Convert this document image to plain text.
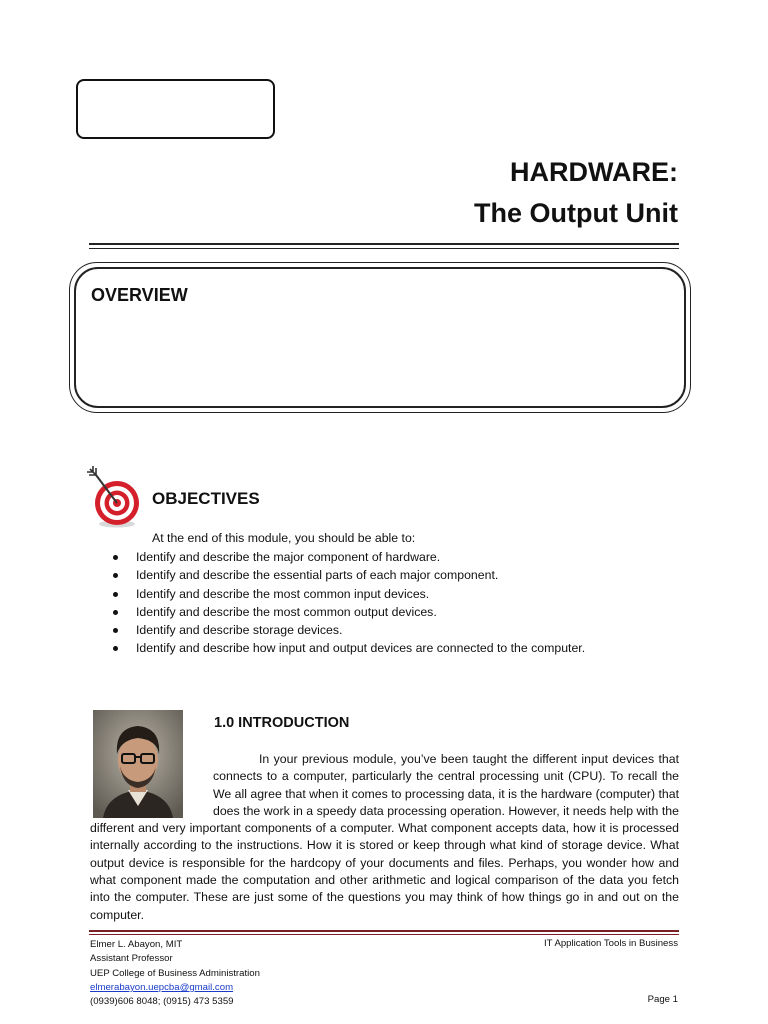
HARDWARE:
The Output Unit
OVERVIEW
OBJECTIVES
At the end of this module, you should be able to:
Identify and describe the major component of hardware.
Identify and describe the essential parts of each major component.
Identify and describe the most common input devices.
Identify and describe the most common output devices.
Identify and describe storage devices.
Identify and describe how input and output devices are connected to the computer.
1.0 INTRODUCTION

In your previous module, you’ve been taught the different input devices that connects to a computer, particularly the central processing unit (CPU). To recall the We all agree that when it comes to processing data, it is the hardware (computer) that does the work in a speedy data processing operation. However, it needs help with the different and very important components of a computer. What component accepts data, how it is processed internally according to the instructions. How it is stored or keep through what kind of storage device. What output device is responsible for the hardcopy of your documents and files. Perhaps, you wonder how and what component made the computation and other arithmetic and logical comparison of the data you fetch into the computer. These are just some of the questions you may think of how things go in and out on the computer.

Elmer L. Abayon, MIT
Assistant Professor
UEP College of Business Administration
elmerabayon.uepcba@gmail.com
(0939)606 8048; (0915) 473 5359
IT Application Tools in Business
Page 1
